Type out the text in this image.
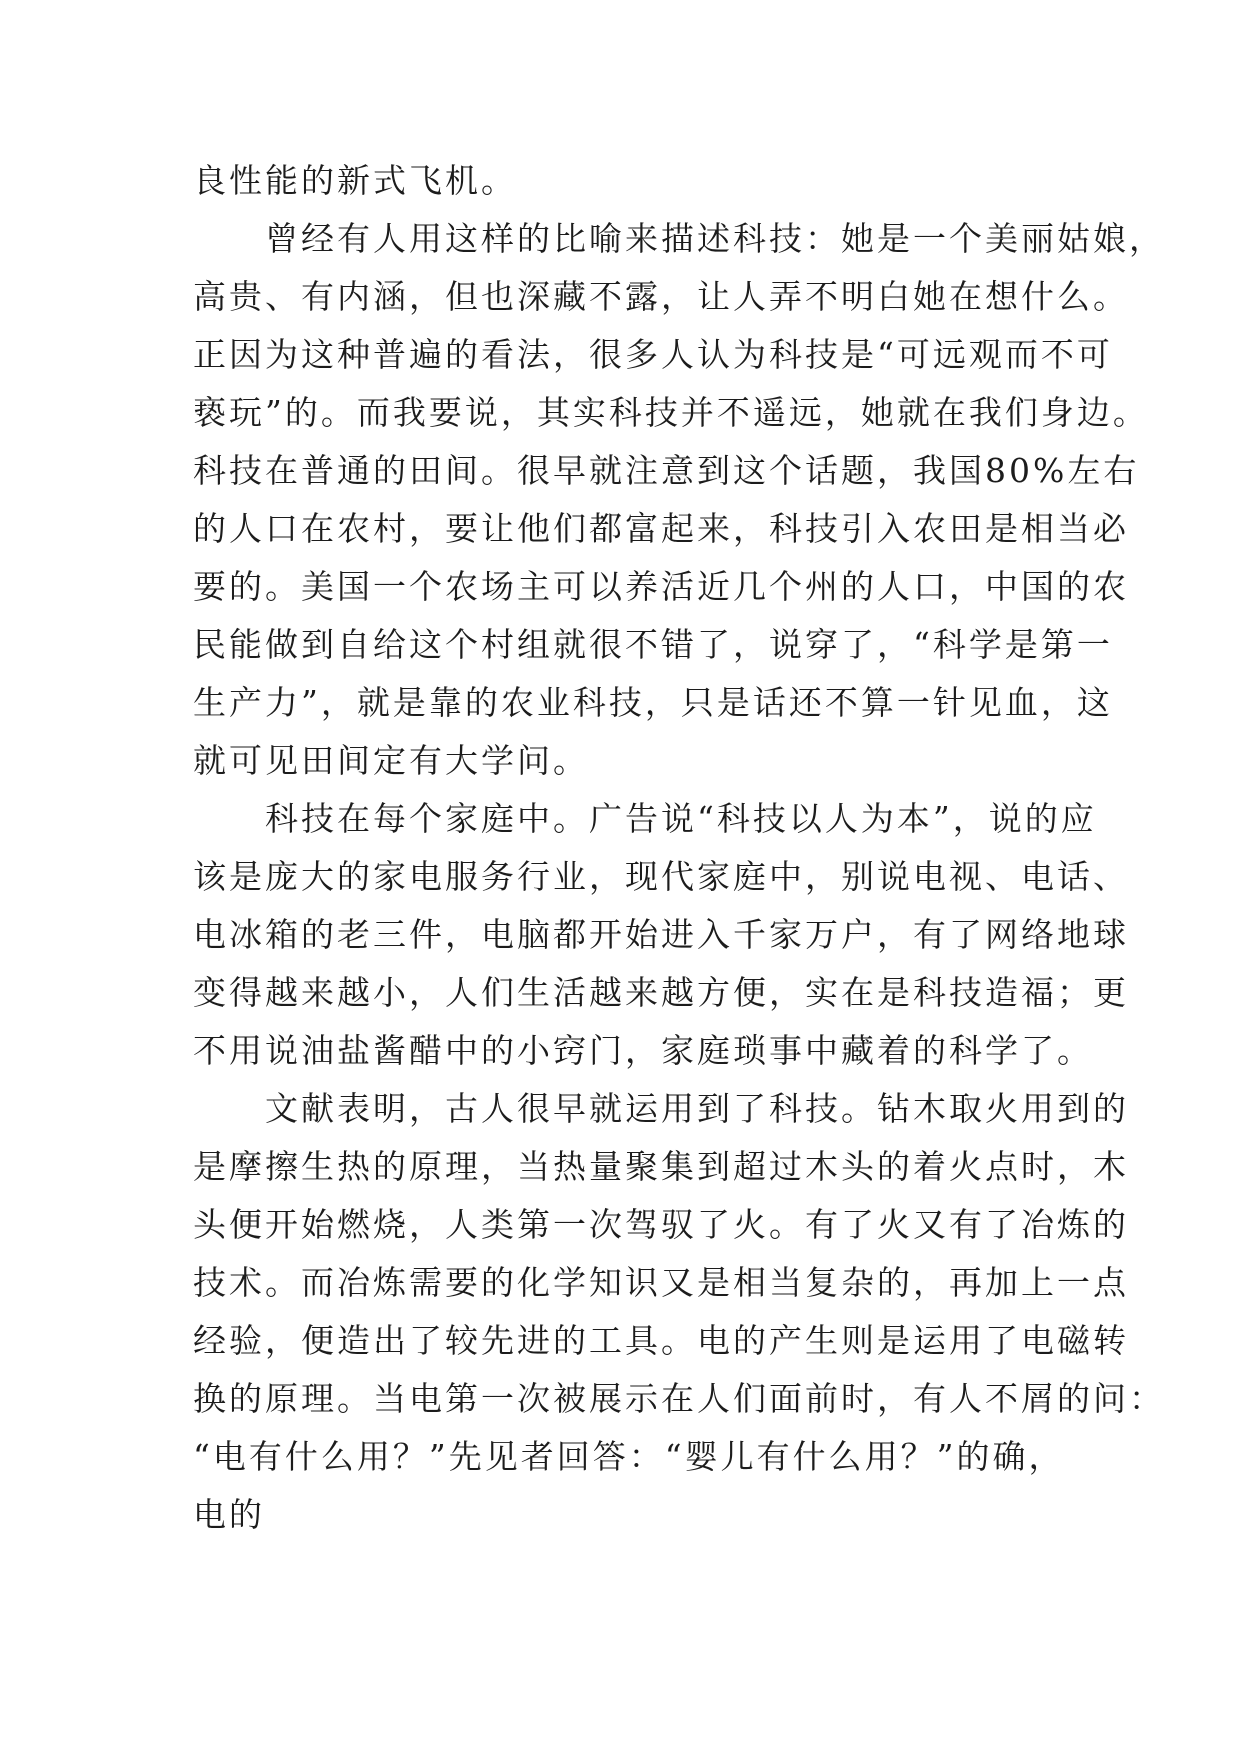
良性能的新式飞机。
　　曾经有人用这样的比喻来描述科技：她是一个美丽姑娘，
高贵、有内涵，但也深藏不露，让人弄不明白她在想什么。
正因为这种普遍的看法，很多人认为科技是“可远观而不可
亵玩”的。而我要说，其实科技并不遥远，她就在我们身边。
科技在普通的田间。很早就注意到这个话题，我国80%左右
的人口在农村，要让他们都富起来，科技引入农田是相当必
要的。美国一个农场主可以养活近几个州的人口，中国的农
民能做到自给这个村组就很不错了，说穿了，“科学是第一
生产力”，就是靠的农业科技，只是话还不算一针见血，这
就可见田间定有大学问。
　　科技在每个家庭中。广告说“科技以人为本”，说的应
该是庞大的家电服务行业，现代家庭中，别说电视、电话、
电冰箱的老三件，电脑都开始进入千家万户，有了网络地球
变得越来越小，人们生活越来越方便，实在是科技造福；更
不用说油盐酱醋中的小窍门，家庭琐事中藏着的科学了。
　　文献表明，古人很早就运用到了科技。钻木取火用到的
是摩擦生热的原理，当热量聚集到超过木头的着火点时，木
头便开始燃烧，人类第一次驾驭了火。有了火又有了冶炼的
技术。而冶炼需要的化学知识又是相当复杂的，再加上一点
经验，便造出了较先进的工具。电的产生则是运用了电磁转
换的原理。当电第一次被展示在人们面前时，有人不屑的问：
“电有什么用？”先见者回答：“婴儿有什么用？”的确，
电的
